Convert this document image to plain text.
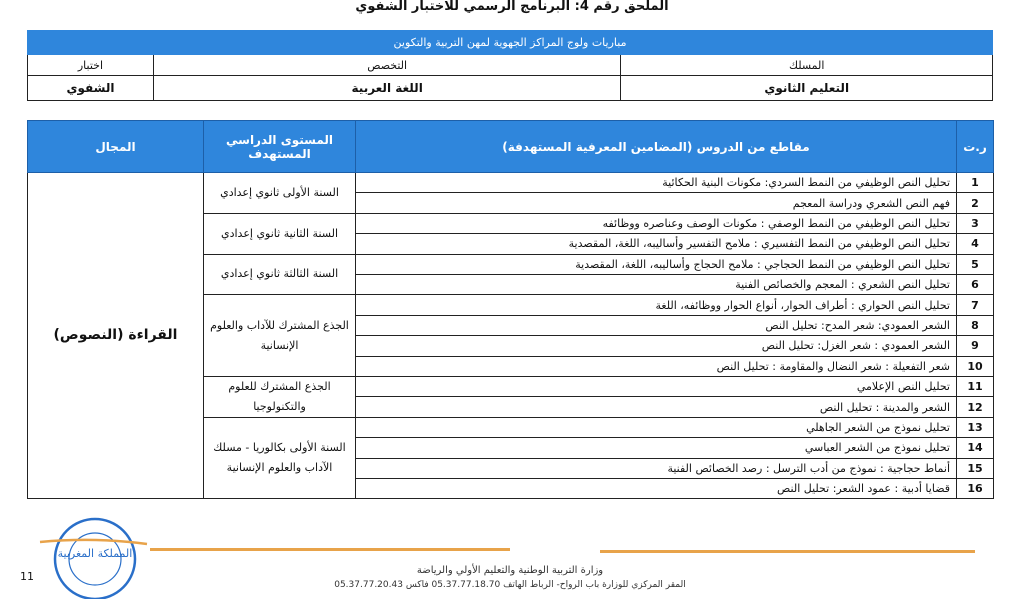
الملحق رقم 4: البرنامج الرسمي للاختبار الشفوي
مباريات ولوج المراكز الجهوية لمهن التربية والتكوين		
المسلك	التخصص	اختبار
التعليم الثانوي	اللغة العربية	الشفوي
ر.ت	مقاطع من الدروس (المضامين المعرفية المستهدفة)	المستوى الدراسي المستهدف	المجال
1	تحليل النص الوظيفي من النمط السردي: مكونات البنية الحكائية	السنة الأولى ثانوي إعدادي	القراءة (النصوص)
2	فهم النص الشعري ودراسة المعجم		
3	تحليل النص الوظيفي من النمط الوصفي : مكونات الوصف وعناصره ووظائفه	السنة الثانية ثانوي إعدادي	
4	تحليل النص الوظيفي من النمط التفسيري : ملامح التفسير وأساليبه، اللغة، المقصدية		
5	تحليل النص الوظيفي من النمط الحجاجي : ملامح الحجاج وأساليبه، اللغة، المقصدية	السنة الثالثة ثانوي إعدادي	
6	تحليل النص الشعري : المعجم والخصائص الفنية		
7	تحليل النص الحواري : أطراف الحوار، أنواع الحوار ووظائفه، اللغة	الجذع المشترك للآداب والعلوم الإنسانية	
8	الشعر العمودي: شعر المدح: تحليل النص		
9	الشعر العمودي : شعر الغزل: تحليل النص		
10	شعر التفعيلة : شعر النضال والمقاومة : تحليل النص		
11	تحليل النص الإعلامي	الجذع المشترك للعلوم والتكنولوجيا	
12	الشعر والمدينة : تحليل النص		
13	تحليل نموذج من الشعر الجاهلي	السنة الأولى بكالوريا - مسلك الآداب والعلوم الإنسانية	
14	تحليل نموذج من الشعر العباسي		
15	أنماط حجاجية : نموذج من أدب الترسل : رصد الخصائص الفنية		
16	قضايا أدبية : عمود الشعر: تحليل النص		
وزارة التربية الوطنية والتعليم الأولي والرياضة
المقر المركزي للوزارة باب الرواح- الرباط الهاتف 05.37.77.18.70 فاكس 05.37.77.20.43
11
المملكة المغربية
